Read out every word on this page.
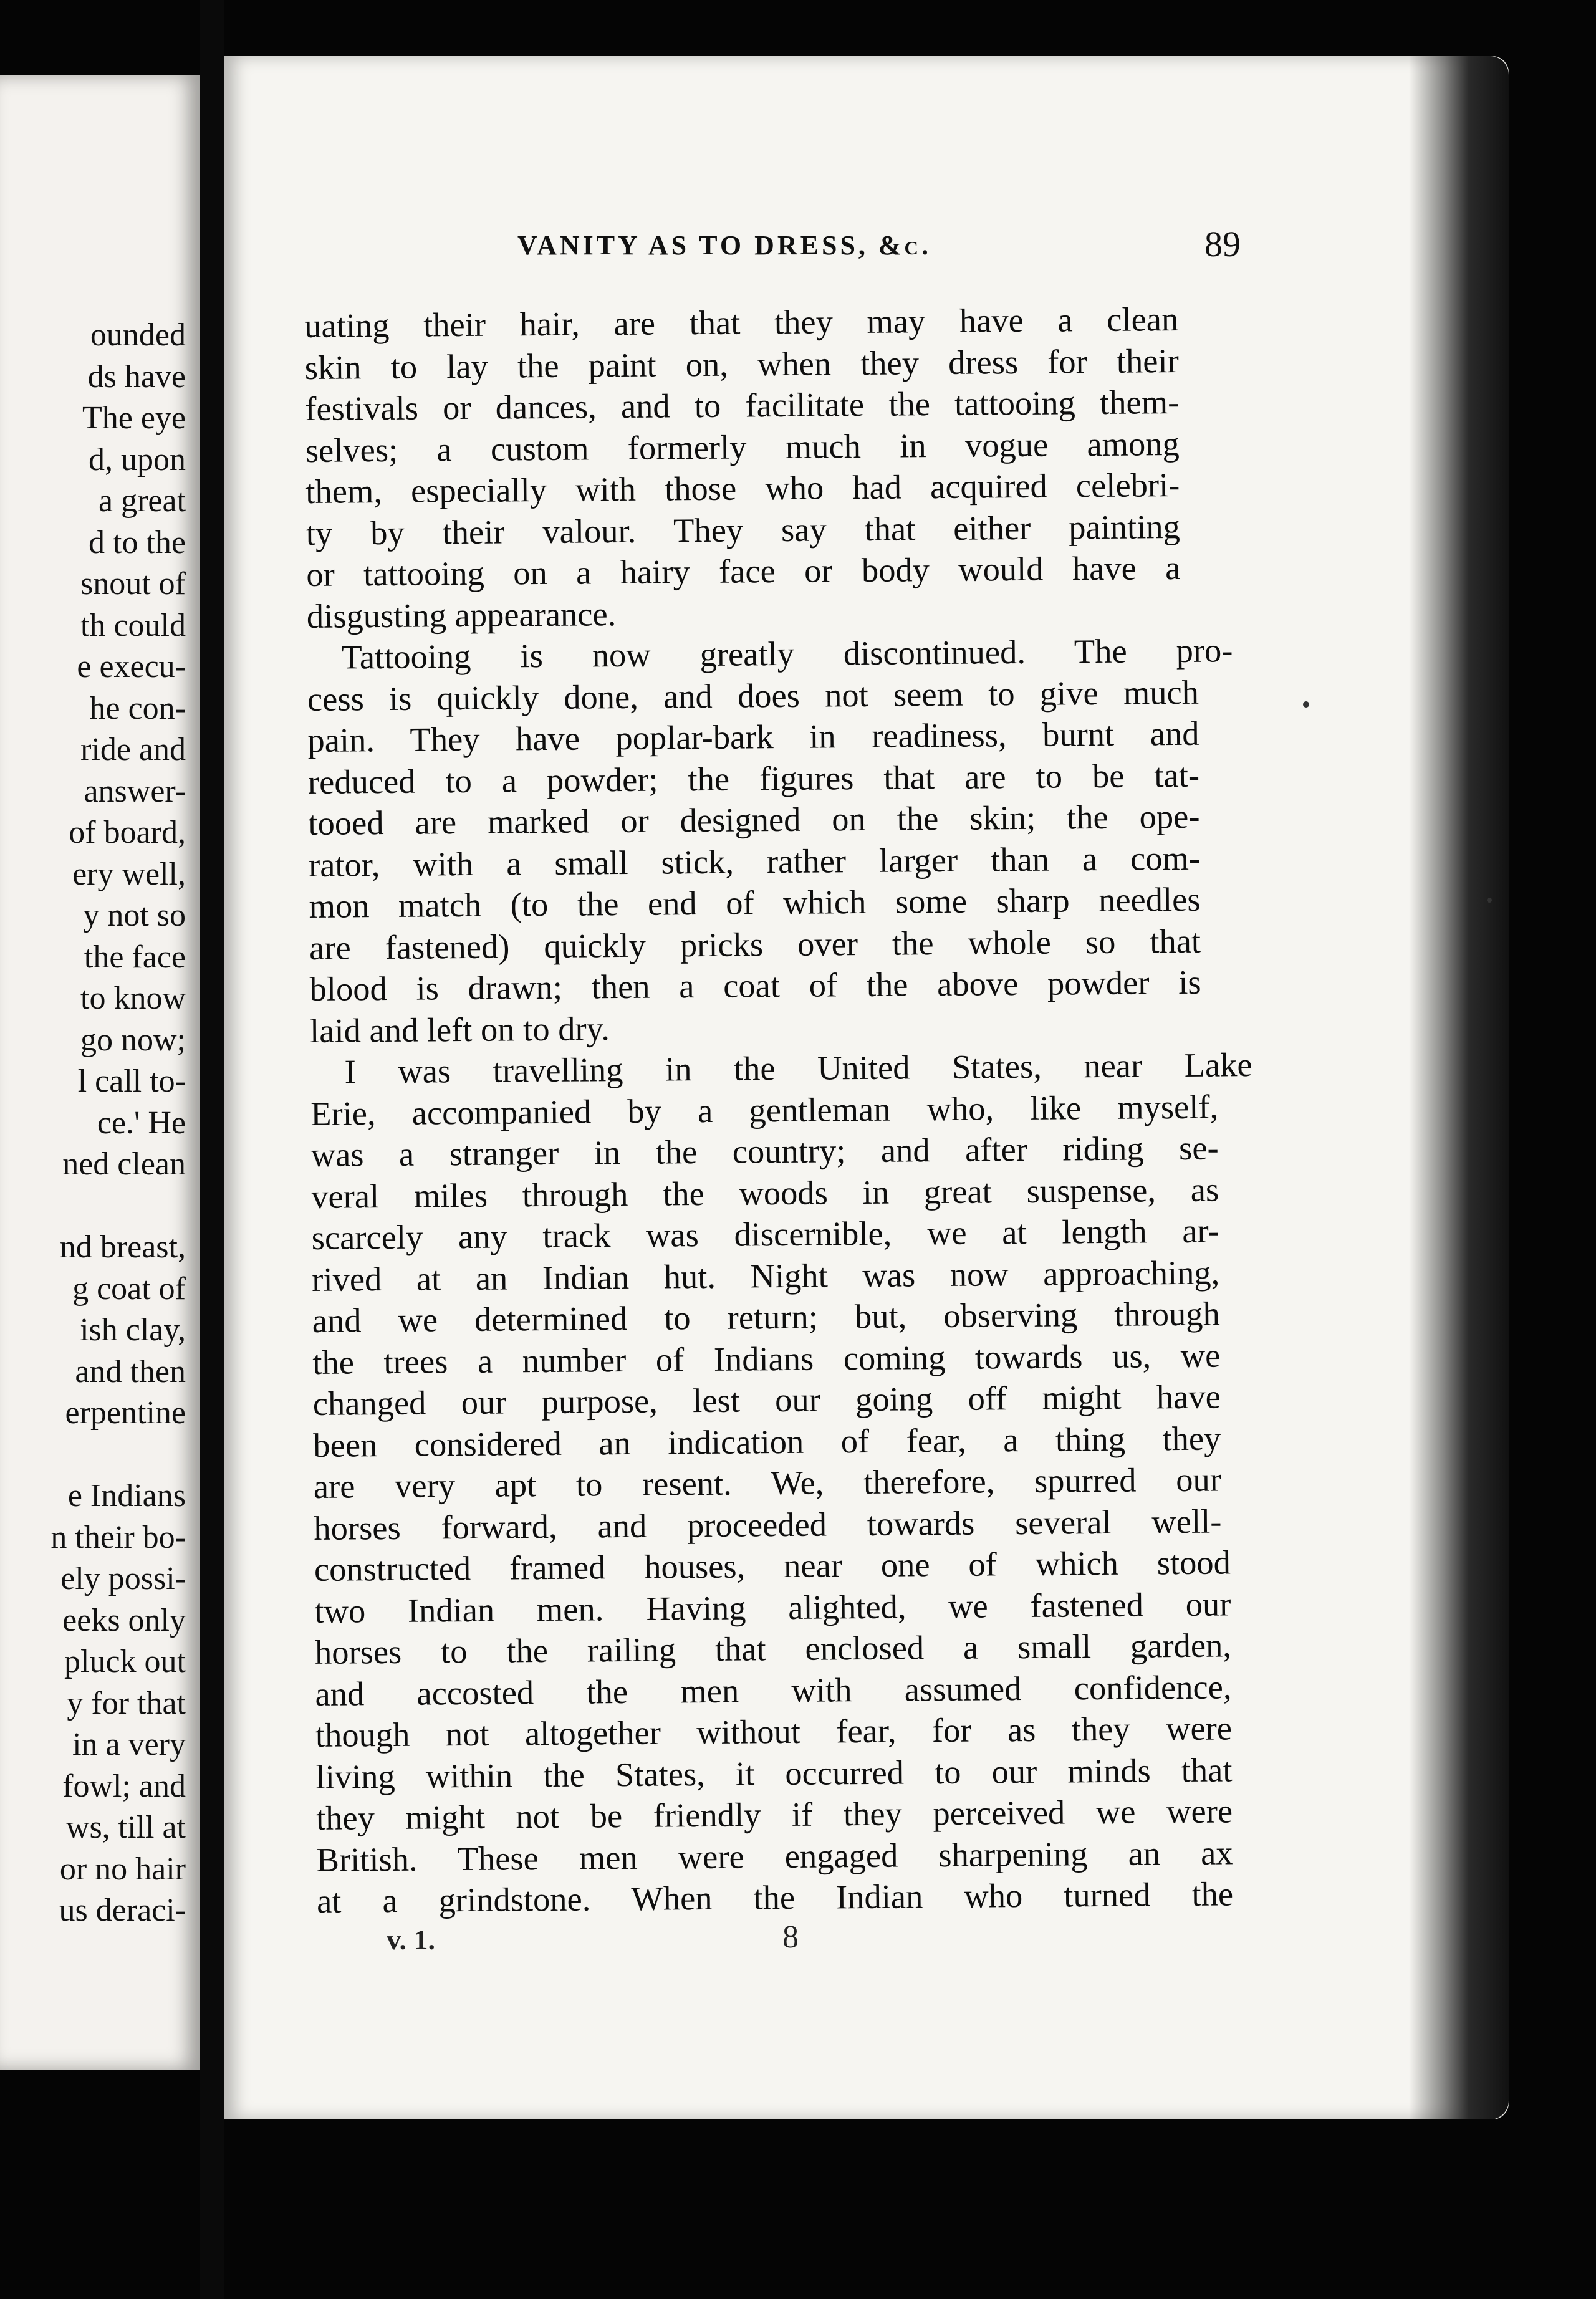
ounded
ds have
The eye
d, upon
a great
d to the
snout of
th could
e execu-
he con-
ride and
answer-
of board,
ery well,
y not so
the face
to know
go now;
l call to-
ce.' He
ned clean
nd breast,
g coat of
ish clay,
and then
erpentine
e Indians
n their bo-
ely possi-
eeks only
pluck out
y for that
in a very
fowl; and
ws, till at
or no hair
us deraci-
VANITY AS TO DRESS, &c.	89
uating their hair, are that they may have a clean
skin to lay the paint on, when they dress for their
festivals or dances, and to facilitate the tattooing them-
selves; a custom formerly much in vogue among
them, especially with those who had acquired celebri-
ty by their valour. They say that either painting
or tattooing on a hairy face or body would have a
disgusting appearance.
Tattooing is now greatly discontinued. The pro-
cess is quickly done, and does not seem to give much
pain. They have poplar-bark in readiness, burnt and
reduced to a powder; the figures that are to be tat-
tooed are marked or designed on the skin; the ope-
rator, with a small stick, rather larger than a com-
mon match (to the end of which some sharp needles
are fastened) quickly pricks over the whole so that
blood is drawn; then a coat of the above powder is
laid and left on to dry.
I was travelling in the United States, near Lake
Erie, accompanied by a gentleman who, like myself,
was a stranger in the country; and after riding se-
veral miles through the woods in great suspense, as
scarcely any track was discernible, we at length ar-
rived at an Indian hut. Night was now approaching,
and we determined to return; but, observing through
the trees a number of Indians coming towards us, we
changed our purpose, lest our going off might have
been considered an indication of fear, a thing they
are very apt to resent. We, therefore, spurred our
horses forward, and proceeded towards several well-
constructed framed houses, near one of which stood
two Indian men. Having alighted, we fastened our
horses to the railing that enclosed a small garden,
and accosted the men with assumed confidence,
though not altogether without fear, for as they were
living within the States, it occurred to our minds that
they might not be friendly if they perceived we were
British. These men were engaged sharpening an ax
at a grindstone. When the Indian who turned the
v. 1.	8
